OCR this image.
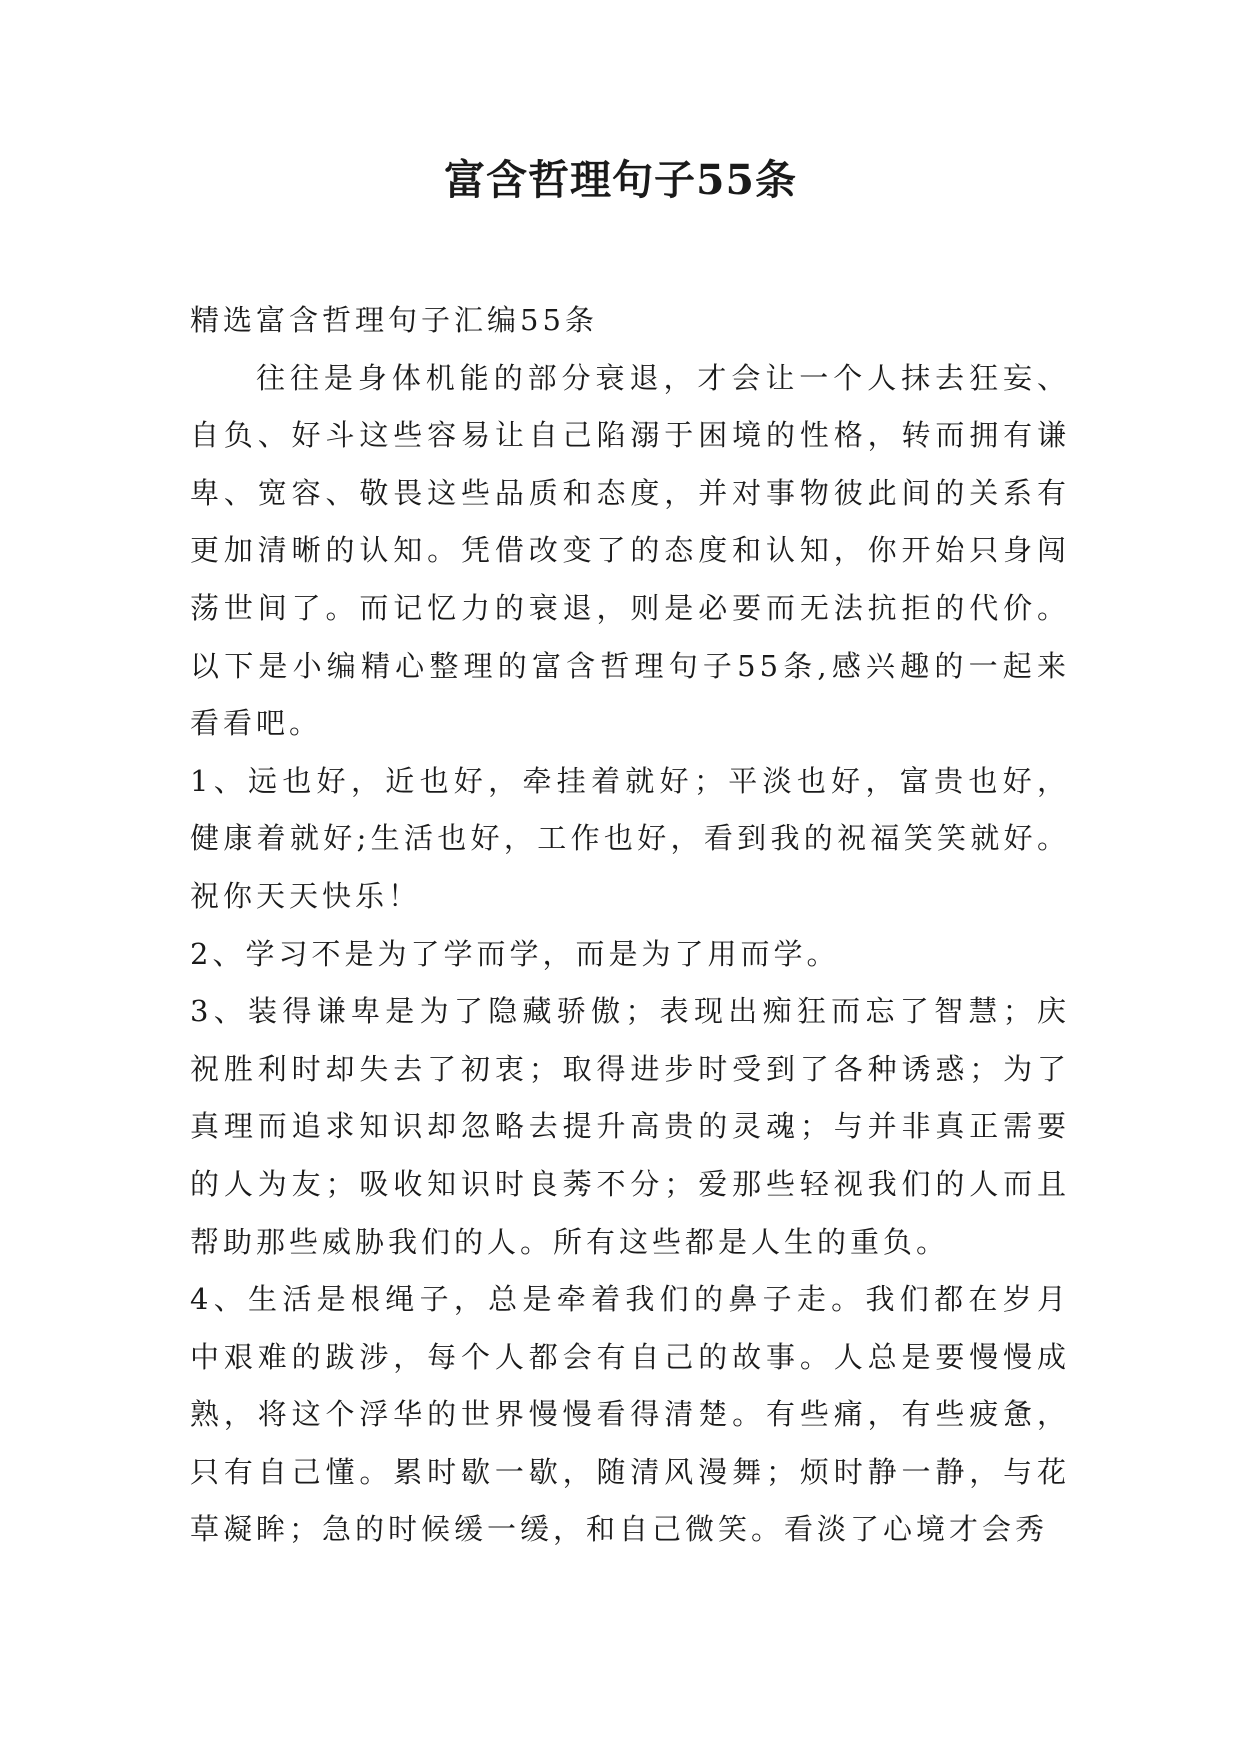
富含哲理句子55条

精选富含哲理句子汇编55条

往往是身体机能的部分衰退，才会让一个人抹去狂妄、自负、好斗这些容易让自己陷溺于困境的性格，转而拥有谦卑、宽容、敬畏这些品质和态度，并对事物彼此间的关系有更加清晰的认知。凭借改变了的态度和认知，你开始只身闯荡世间了。而记忆力的衰退，则是必要而无法抗拒的代价。以下是小编精心整理的富含哲理句子55条,感兴趣的一起来看看吧。

1、远也好，近也好，牵挂着就好；平淡也好，富贵也好，健康着就好;生活也好，工作也好，看到我的祝福笑笑就好。祝你天天快乐！

2、学习不是为了学而学，而是为了用而学。

3、装得谦卑是为了隐藏骄傲；表现出痴狂而忘了智慧；庆祝胜利时却失去了初衷；取得进步时受到了各种诱惑；为了真理而追求知识却忽略去提升高贵的灵魂；与并非真正需要的人为友；吸收知识时良莠不分；爱那些轻视我们的人而且帮助那些威胁我们的人。所有这些都是人生的重负。

4、生活是根绳子，总是牵着我们的鼻子走。我们都在岁月中艰难的跋涉，每个人都会有自己的故事。人总是要慢慢成熟，将这个浮华的世界慢慢看得清楚。有些痛，有些疲惫，只有自己懂。累时歇一歇，随清风漫舞；烦时静一静，与花草凝眸；急的时候缓一缓，和自己微笑。看淡了心境才会秀
